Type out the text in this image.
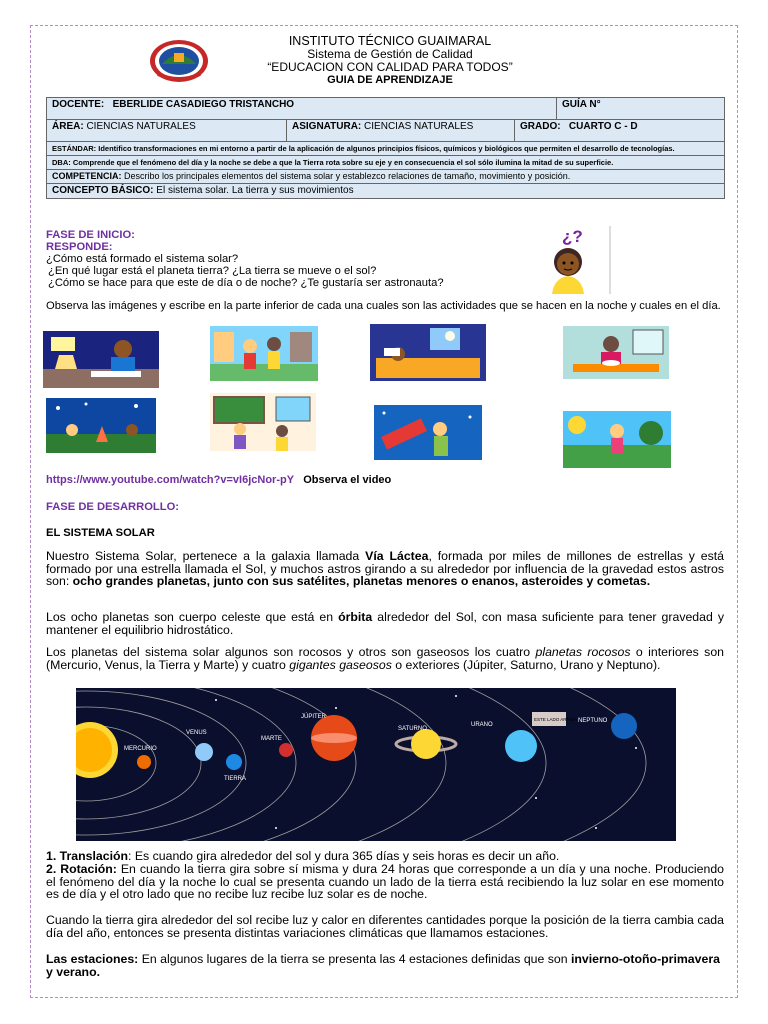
INSTITUTO TÉCNICO GUAIMARAL
Sistema de Gestión de Calidad
“EDUCACION CON CALIDAD PARA TODOS”
GUIA DE APRENDIZAJE
DOCENTE: EBERLIDE CASADIEGO TRISTANCHO			GUÍA N°
ÁREA: CIENCIAS NATURALES	ASIGNATURA: CIENCIAS NATURALES	GRADO: CUARTO C - D	
ESTÁNDAR: Identifico transformaciones en mi entorno a partir de la aplicación de algunos principios físicos, químicos y biológicos que permiten el desarrollo de tecnologías.			
DBA: Comprende que el fenómeno del día y la noche se debe a que la Tierra rota sobre su eje y en consecuencia el sol sólo ilumina la mitad de su superficie.			
COMPETENCIA: Describo los principales elementos del sistema solar y establezco relaciones de tamaño, movimiento y posición.			
CONCEPTO BÁSICO: El sistema solar. La tierra y sus movimientos			
FASE DE INICIO:
RESPONDE:
¿Cómo está formado el sistema solar?
¿En qué lugar está el planeta tierra? ¿La tierra se mueve o el sol?
¿Cómo se hace para que este de día o de noche? ¿Te gustaría ser astronauta?
¿?
Observa las imágenes y escribe en la parte inferior de cada una cuales son las actividades que se hacen en la noche y cuales en el día.
https://www.youtube.com/watch?v=vI6jcNor-pY Observa el video
FASE DE DESARROLLO:
EL SISTEMA SOLAR
Nuestro Sistema Solar, pertenece a la galaxia llamada Vía Láctea, formada por miles de millones de estrellas y está formado por una estrella llamada el Sol, y muchos astros girando a su alrededor por influencia de la gravedad estos astros son: ocho grandes planetas, junto con sus satélites, planetas menores o enanos, asteroides y cometas.
Los ocho planetas son cuerpo celeste que está en órbita alrededor del Sol, con masa suficiente para tener gravedad y mantener el equilibrio hidrostático.
Los planetas del sistema solar algunos son rocosos y otros son gaseosos los cuatro planetas rocosos o interiores son (Mercurio, Venus, la Tierra y Marte) y cuatro gigantes gaseosos o exteriores (Júpiter, Saturno, Urano y Neptuno).
ESTE LADO ARRIBA
MERCURIO
VENUS
TIERRA
MARTE
JÚPITER
SATURNO
URANO
NEPTUNO
1. Translación: Es cuando gira alrededor del sol y dura 365 días y seis horas es decir un año.
2. Rotación: En cuando la tierra gira sobre sí misma y dura 24 horas que corresponde a un día y una noche. Produciendo el fenómeno del día y la noche lo cual se presenta cuando un lado de la tierra está recibiendo la luz solar en ese momento es de día y el otro lado que no recibe luz recibe luz solar es de noche.
Cuando la tierra gira alrededor del sol recibe luz y calor en diferentes cantidades porque la posición de la tierra cambia cada día del año, entonces se presenta distintas variaciones climáticas que llamamos estaciones.
Las estaciones: En algunos lugares de la tierra se presenta las 4 estaciones definidas que son invierno-otoño-primavera y verano.
